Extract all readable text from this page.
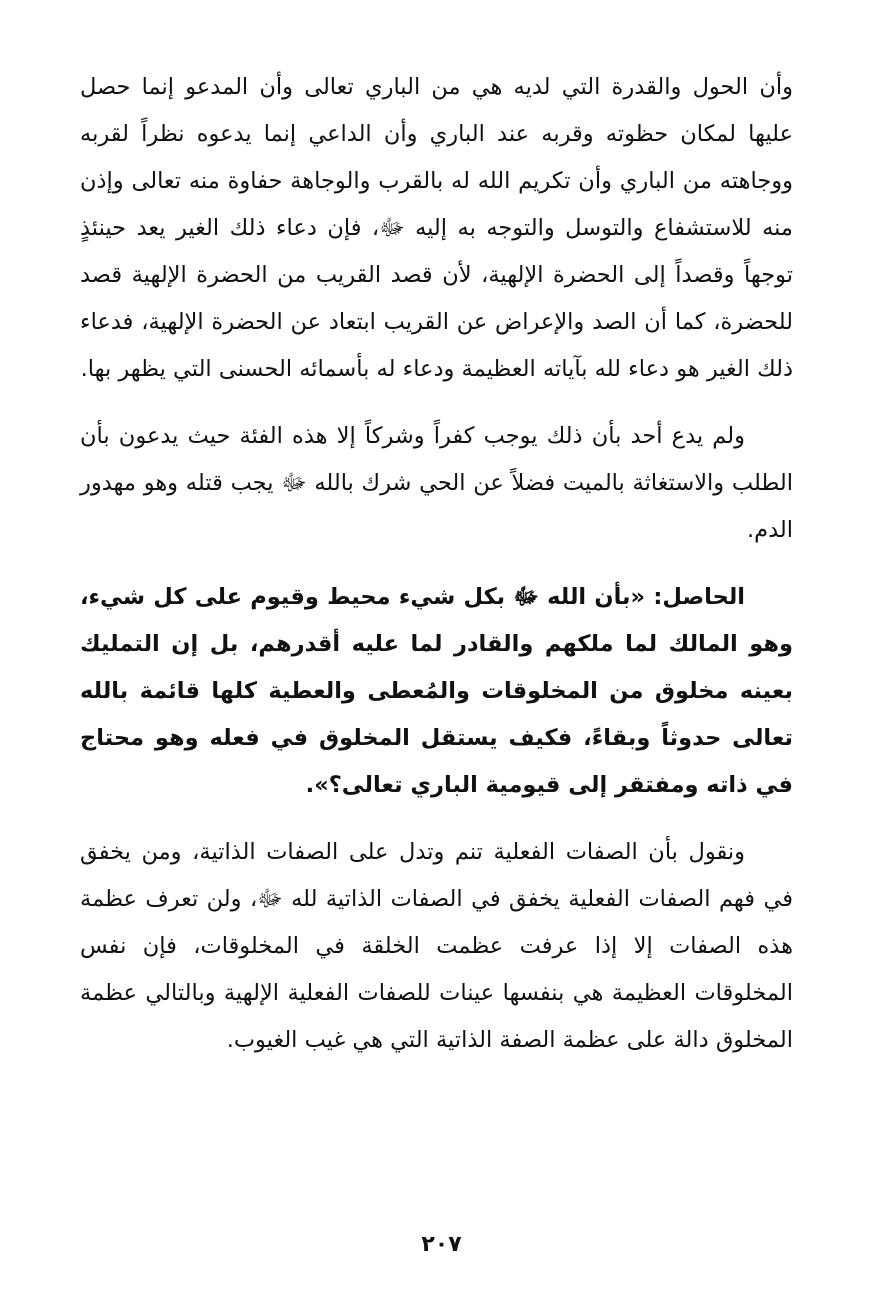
وأن الحول والقدرة التي لديه هي من الباري تعالى وأن المدعو إنما حصل عليها لمكان حظوته وقربه عند الباري وأن الداعي إنما يدعوه نظراً لقربه ووجاهته من الباري وأن تكريم الله له بالقرب والوجاهة حفاوة منه تعالى وإذن منه للاستشفاع والتوسل والتوجه به إليه ﷻ، فإن دعاء ذلك الغير يعد حينئذٍ توجهاً وقصداً إلى الحضرة الإلهية، لأن قصد القريب من الحضرة الإلهية قصد للحضرة، كما أن الصد والإعراض عن القريب ابتعاد عن الحضرة الإلهية، فدعاء ذلك الغير هو دعاء لله بآياته العظيمة ودعاء له بأسمائه الحسنى التي يظهر بها.

ولم يدع أحد بأن ذلك يوجب كفراً وشركاً إلا هذه الفئة حيث يدعون بأن الطلب والاستغاثة بالميت فضلاً عن الحي شرك بالله ﷻ يجب قتله وهو مهدور الدم.

الحاصل: «بأن الله ﷻ بكل شيء محيط وقيوم على كل شيء، وهو المالك لما ملكهم والقادر لما عليه أقدرهم، بل إن التمليك بعينه مخلوق من المخلوقات والمُعطى والعطية كلها قائمة بالله تعالى حدوثاً وبقاءً، فكيف يستقل المخلوق في فعله وهو محتاج في ذاته ومفتقر إلى قيومية الباري تعالى؟».

ونقول بأن الصفات الفعلية تنم وتدل على الصفات الذاتية، ومن يخفق في فهم الصفات الفعلية يخفق في الصفات الذاتية لله ﷻ، ولن تعرف عظمة هذه الصفات إلا إذا عرفت عظمت الخلقة في المخلوقات، فإن نفس المخلوقات العظيمة هي بنفسها عينات للصفات الفعلية الإلهية وبالتالي عظمة المخلوق دالة على عظمة الصفة الذاتية التي هي غيب الغيوب.

٢٠٧
